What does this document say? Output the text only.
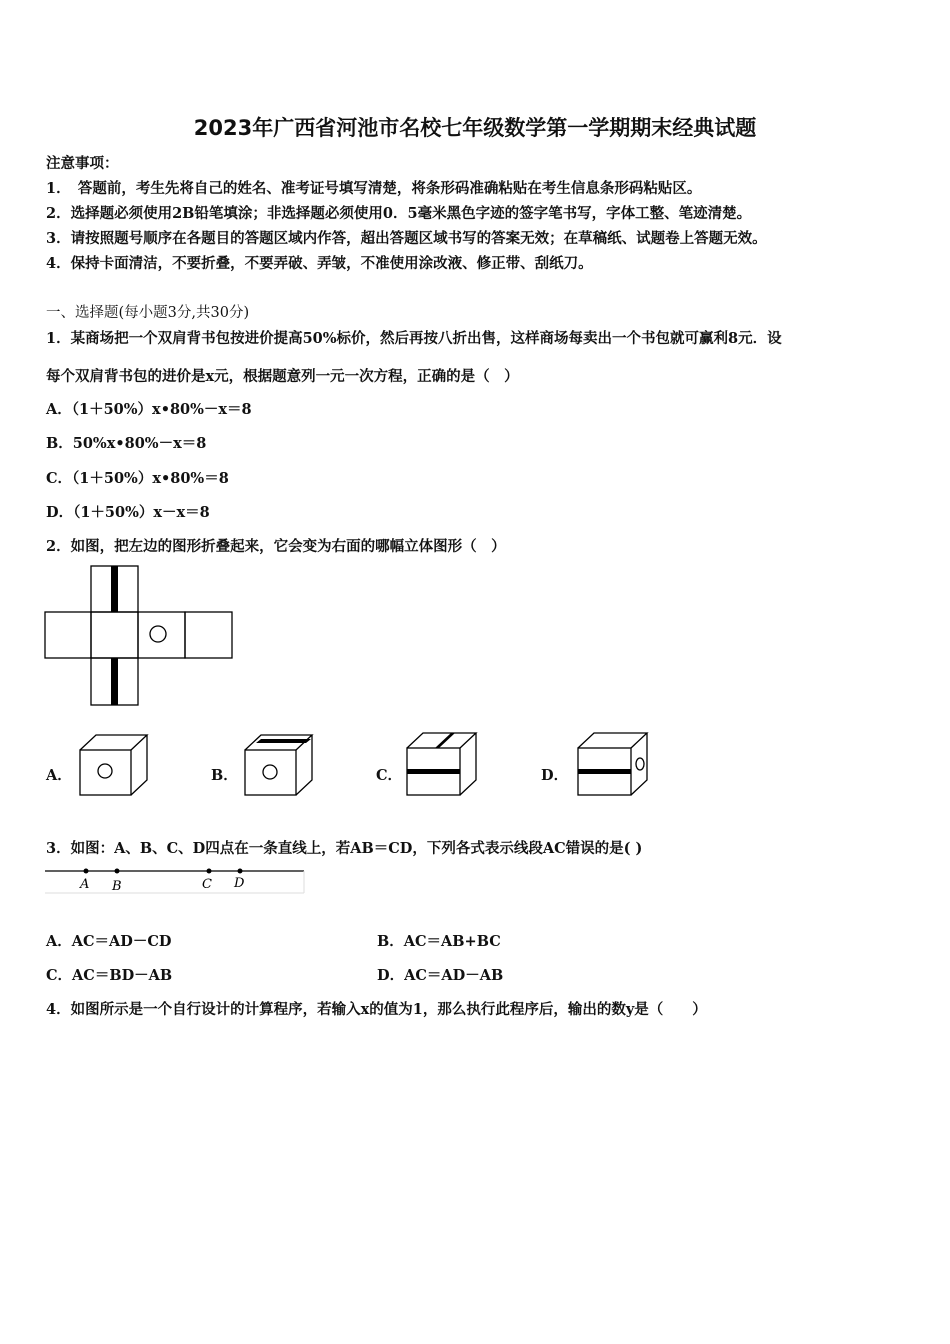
2023年广西省河池市名校七年级数学第一学期期末经典试题
注意事项：
1．　答题前，考生先将自己的姓名、准考证号填写清楚，将条形码准确粘贴在考生信息条形码粘贴区。
2．选择题必须使用2B铅笔填涂；非选择题必须使用0．5毫米黑色字迹的签字笔书写，字体工整、笔迹清楚。
3．请按照题号顺序在各题目的答题区域内作答，超出答题区域书写的答案无效；在草稿纸、试题卷上答题无效。
4．保持卡面清洁，不要折叠，不要弄破、弄皱，不准使用涂改液、修正带、刮纸刀。
一、选择题(每小题3分,共30分)
1．某商场把一个双肩背书包按进价提高50%标价，然后再按八折出售，这样商场每卖出一个书包就可赢利8元．设
每个双肩背书包的进价是x元，根据题意列一元一次方程，正确的是（　）
A．（1＋50%）x•80%－x＝8
B．50%x•80%－x＝8
C．（1＋50%）x•80%＝8
D．（1＋50%）x－x＝8
2．如图，把左边的图形折叠起来，它会变为右面的哪幅立体图形（　）
A．	B．	C．	D．
3．如图：A、B、C、D四点在一条直线上，若AB＝CD，下列各式表示线段AC错误的是( )
A B	C D
A．AC＝AD－CD	B．AC＝AB+BC
C．AC＝BD－AB	D．AC＝AD－AB
4．如图所示是一个自行设计的计算程序，若输入x的值为1，那么执行此程序后，输出的数y是（　　）
